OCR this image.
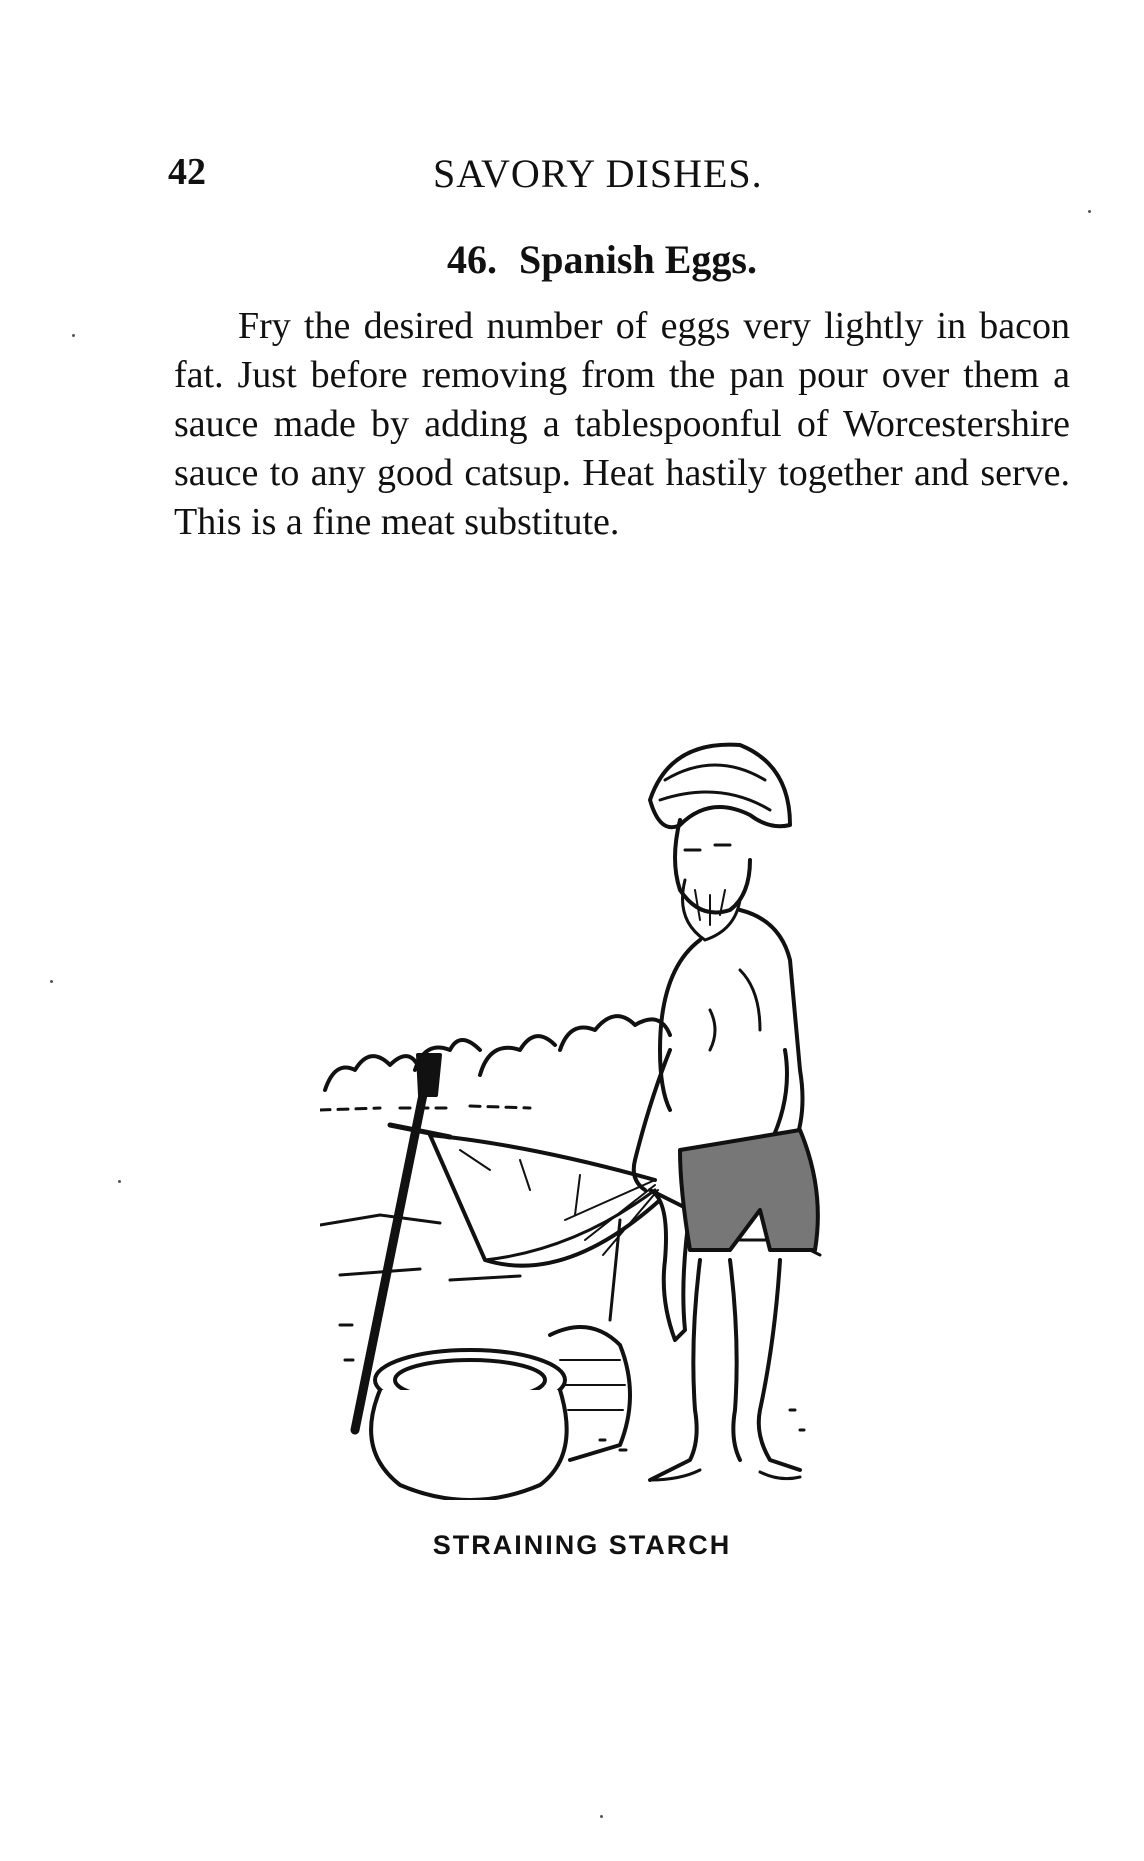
42	SAVORY DISHES.
46. Spanish Eggs.

Fry the desired number of eggs very lightly in bacon fat. Just before removing from the pan pour over them a sauce made by adding a tablespoonful of Worcestershire sauce to any good catsup. Heat hastily together and serve. This is a fine meat substitute.

STRAINING STARCH
